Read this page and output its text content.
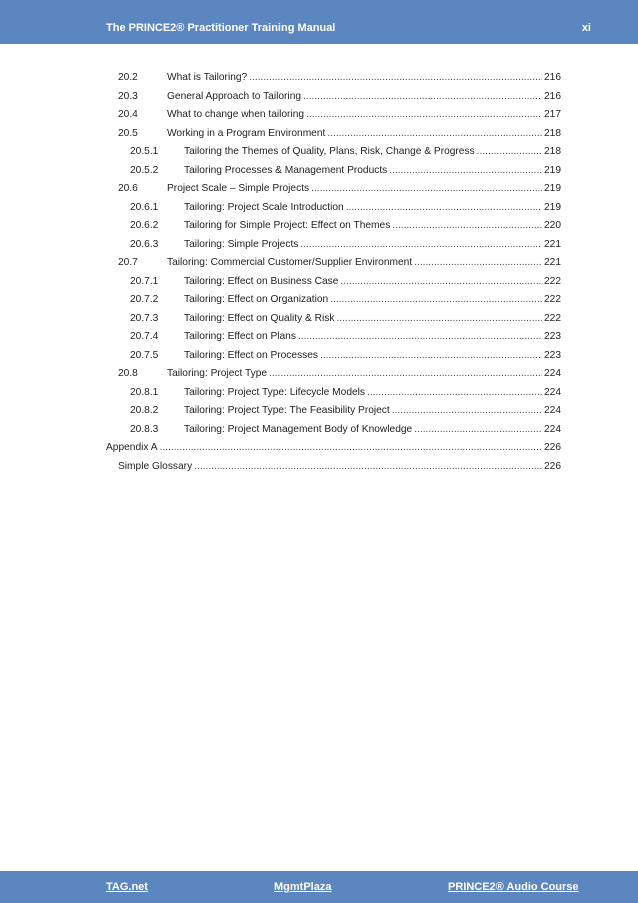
The PRINCE2® Practitioner Training Manual	xi
20.2	What is Tailoring? .....	216
20.3	General Approach to Tailoring .....	216
20.4	What to change when tailoring .....	217
20.5	Working in a Program Environment .....	218
20.5.1	Tailoring the Themes of Quality, Plans, Risk, Change & Progress .....	218
20.5.2	Tailoring Processes & Management Products .....	219
20.6	Project Scale – Simple Projects .....	219
20.6.1	Tailoring: Project Scale Introduction .....	219
20.6.2	Tailoring for Simple Project: Effect on Themes .....	220
20.6.3	Tailoring: Simple Projects .....	221
20.7	Tailoring: Commercial Customer/Supplier Environment .....	221
20.7.1	Tailoring: Effect on Business Case .....	222
20.7.2	Tailoring: Effect on Organization .....	222
20.7.3	Tailoring: Effect on Quality & Risk .....	222
20.7.4	Tailoring: Effect on Plans .....	223
20.7.5	Tailoring: Effect on Processes .....	223
20.8	Tailoring: Project Type .....	224
20.8.1	Tailoring: Project Type: Lifecycle Models .....	224
20.8.2	Tailoring: Project Type: The Feasibility Project .....	224
20.8.3	Tailoring: Project Management Body of Knowledge .....	224
Appendix A .....	226
Simple Glossary .....	226
TAG.net	MgmtPlaza	PRINCE2® Audio Course
